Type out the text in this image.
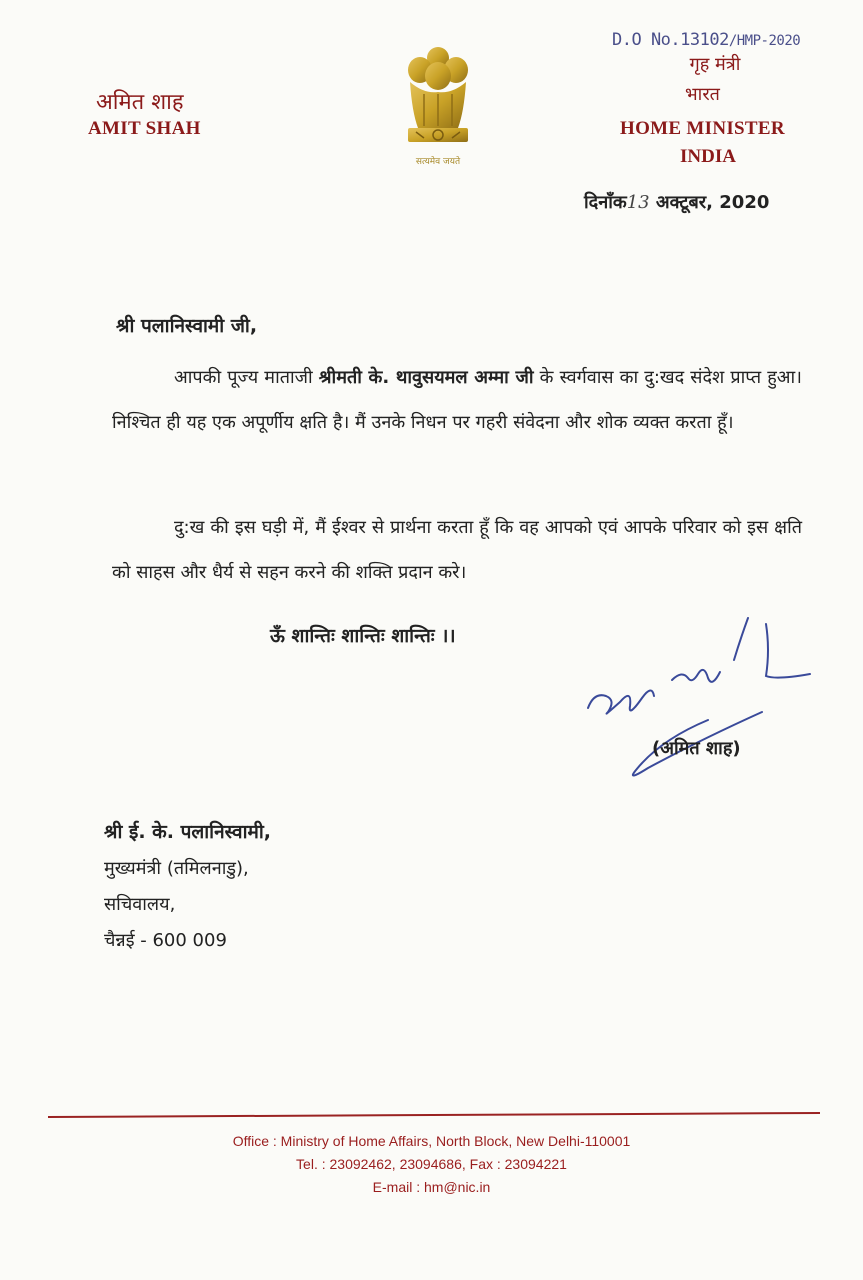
अमित शाह
AMIT SHAH
सत्यमेव जयते
D.O No.13102/HMP-2020
गृह मंत्री
भारत
HOME MINISTER
INDIA
दिनाँक13 अक्टूबर, 2020
श्री पलानिस्वामी जी,
आपकी पूज्य माताजी श्रीमती के. थावुसयमल अम्मा जी के स्वर्गवास का दु:खद संदेश प्राप्त हुआ। निश्चित ही यह एक अपूर्णीय क्षति है। मैं उनके निधन पर गहरी संवेदना और शोक व्यक्त करता हूँ।
दु:ख की इस घड़ी में, मैं ईश्वर से प्रार्थना करता हूँ कि वह आपको एवं आपके परिवार को इस क्षति को साहस और धैर्य से सहन करने की शक्ति प्रदान करे।
ऊँ शान्तिः शान्तिः शान्तिः ।।
(अमित शाह)
श्री ई. के. पलानिस्वामी,
मुख्यमंत्री (तमिलनाडु),
सचिवालय,
चैन्नई - 600 009
Office : Ministry of Home Affairs, North Block, New Delhi-110001
Tel. : 23092462, 23094686, Fax : 23094221
E-mail : hm@nic.in
